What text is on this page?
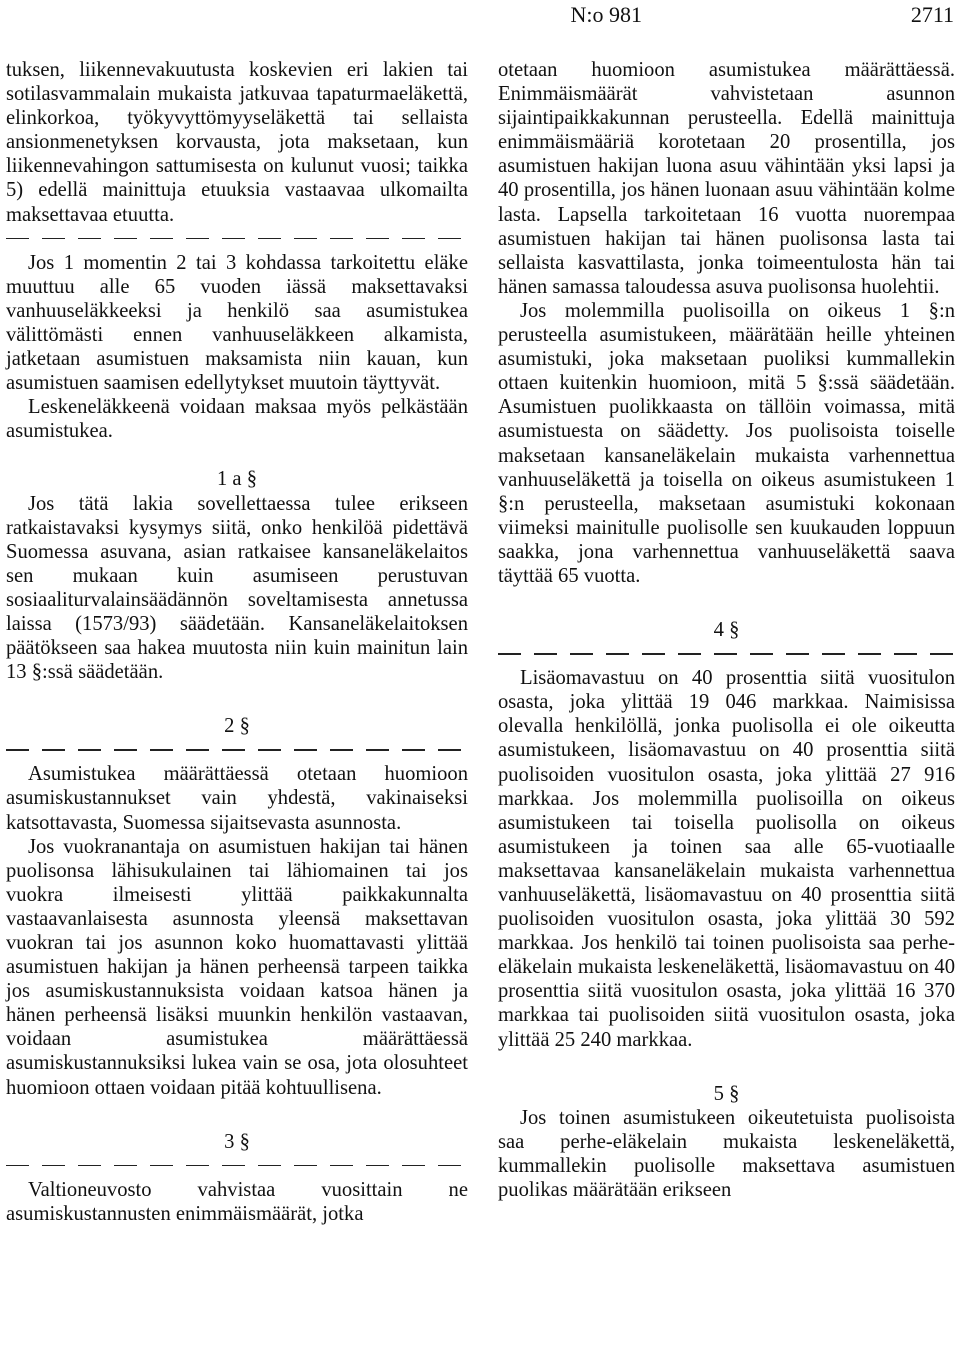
N:o 981	2711

tuksen, liikennevakuutusta koskevien eri lakien tai sotilasvammalain mukaista jatkuvaa tapaturmaeläkettä, elinkorkoa, työkyvyttömyyseläkettä tai sellaista ansionmenetyksen korvausta, jota maksetaan, kun liikennevahingon sattumisesta on kulunut vuosi; taikka 5) edellä mainittuja etuuksia vastaavaa ulkomailta maksettavaa etuutta.

Jos 1 momentin 2 tai 3 kohdassa tarkoitettu eläke muuttuu alle 65 vuoden iässä maksettavaksi vanhuuseläkkeeksi ja henkilö saa asumistukea välittömästi ennen vanhuuseläkkeen alkamista, jatketaan asumistuen maksamista niin kauan, kun asumistuen saamisen edellytykset muutoin täyttyvät.

Leskeneläkkeenä voidaan maksaa myös pelkästään asumistukea.

1 a §

Jos tätä lakia sovellettaessa tulee erikseen ratkaistavaksi kysymys siitä, onko henkilöä pidettävä Suomessa asuvana, asian ratkaisee kansaneläkelaitos sen mukaan kuin asumiseen perustuvan sosiaaliturvalainsäädännön soveltamisesta annetussa laissa (1573/93) säädetään. Kansaneläkelaitoksen päätökseen saa hakea muutosta niin kuin mainitun lain 13 §:ssä säädetään.

2 §

Asumistukea määrättäessä otetaan huomioon asumiskustannukset vain yhdestä, vakinaiseksi katsottavasta, Suomessa sijaitsevasta asunnosta.

Jos vuokranantaja on asumistuen hakijan tai hänen puolisonsa lähisukulainen tai lähiomainen tai jos vuokra ilmeisesti ylittää paikkakunnalta vastaavanlaisesta asunnosta yleensä maksettavan vuokran tai jos asunnon koko huomattavasti ylittää asumistuen hakijan ja hänen perheensä tarpeen taikka jos asumiskustannuksista voidaan katsoa hänen ja hänen perheensä lisäksi muunkin henkilön vastaavan, voidaan asumistukea määrättäessä asumiskustannuksiksi lukea vain se osa, jota olosuhteet huomioon ottaen voidaan pitää kohtuullisena.

3 §

Valtioneuvosto vahvistaa vuosittain ne asumiskustannusten enimmäismäärät, jotka

otetaan huomioon asumistukea määrättäessä. Enimmäismäärät vahvistetaan asunnon sijaintipaikkakunnan perusteella. Edellä mainittuja enimmäismääriä korotetaan 20 prosentilla, jos asumistuen hakijan luona asuu vähintään yksi lapsi ja 40 prosentilla, jos hänen luonaan asuu vähintään kolme lasta. Lapsella tarkoitetaan 16 vuotta nuorempaa asumistuen hakijan tai hänen puolisonsa lasta tai sellaista kasvattilasta, jonka toimeentulosta hän tai hänen samassa taloudessa asuva puolisonsa huolehtii.

Jos molemmilla puolisoilla on oikeus 1 §:n perusteella asumistukeen, määrätään heille yhteinen asumistuki, joka maksetaan puoliksi kummallekin ottaen kuitenkin huomioon, mitä 5 §:ssä säädetään. Asumistuen puolikkaasta on tällöin voimassa, mitä asumistuesta on säädetty. Jos puolisoista toiselle maksetaan kansaneläkelain mukaista varhennettua vanhuuseläkettä ja toisella on oikeus asumistukeen 1 §:n perusteella, maksetaan asumistuki kokonaan viimeksi mainitulle puolisolle sen kuukauden loppuun saakka, jona varhennettua vanhuuseläkettä saava täyttää 65 vuotta.

4 §

Lisäomavastuu on 40 prosenttia siitä vuositulon osasta, joka ylittää 19 046 markkaa. Naimisissa olevalla henkilöllä, jonka puolisolla ei ole oikeutta asumistukeen, lisäomavastuu on 40 prosenttia siitä puolisoiden vuositulon osasta, joka ylittää 27 916 markkaa. Jos molemmilla puolisoilla on oikeus asumistukeen tai toisella puolisolla on oikeus asumistukeen ja toinen saa alle 65-vuotiaalle maksettavaa kansaneläkelain mukaista varhennettua vanhuuseläkettä, lisäomavastuu on 40 prosenttia siitä puolisoiden vuositulon osasta, joka ylittää 30 592 markkaa. Jos henkilö tai toinen puolisoista saa perhe-eläkelain mukaista leskeneläkettä, lisäomavastuu on 40 prosenttia siitä vuositulon osasta, joka ylittää 16 370 markkaa tai puolisoiden siitä vuositulon osasta, joka ylittää 25 240 markkaa.

5 §

Jos toinen asumistukeen oikeutetuista puolisoista saa perhe-eläkelain mukaista leskeneläkettä, kummallekin puolisolle maksettava asumistuen puolikas määrätään erikseen
